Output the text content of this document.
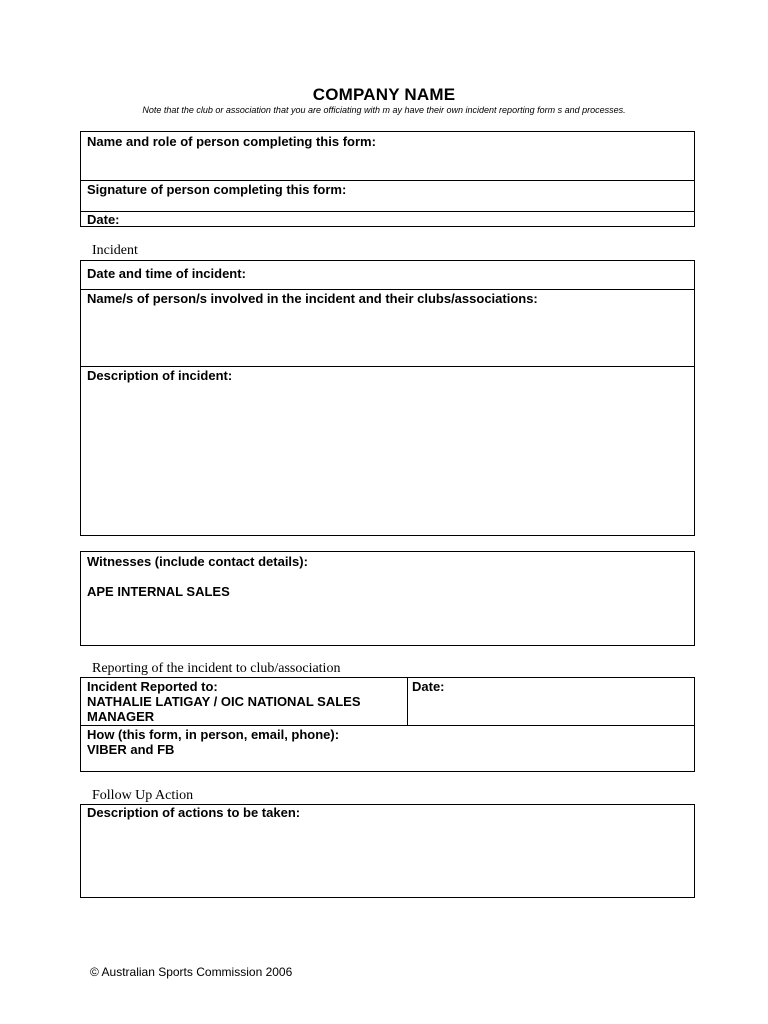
COMPANY NAME
Note that the club or association that you are officiating with m ay have their own incident reporting form s and processes.
Name and role of person completing this form:
Signature of person completing this form:
Date:
Incident
Date and time of incident:
Name/s of person/s involved in the incident and their clubs/associations:
Description of incident:
Witnesses (include contact details):
APE INTERNAL SALES
Reporting of the incident to club/association
Incident Reported to:
NATHALIE LATIGAY / OIC NATIONAL SALES MANAGER
Date:
How (this form, in person, email, phone):
VIBER and FB
Follow Up Action
Description of actions to be taken:
© Australian Sports Commission 2006
